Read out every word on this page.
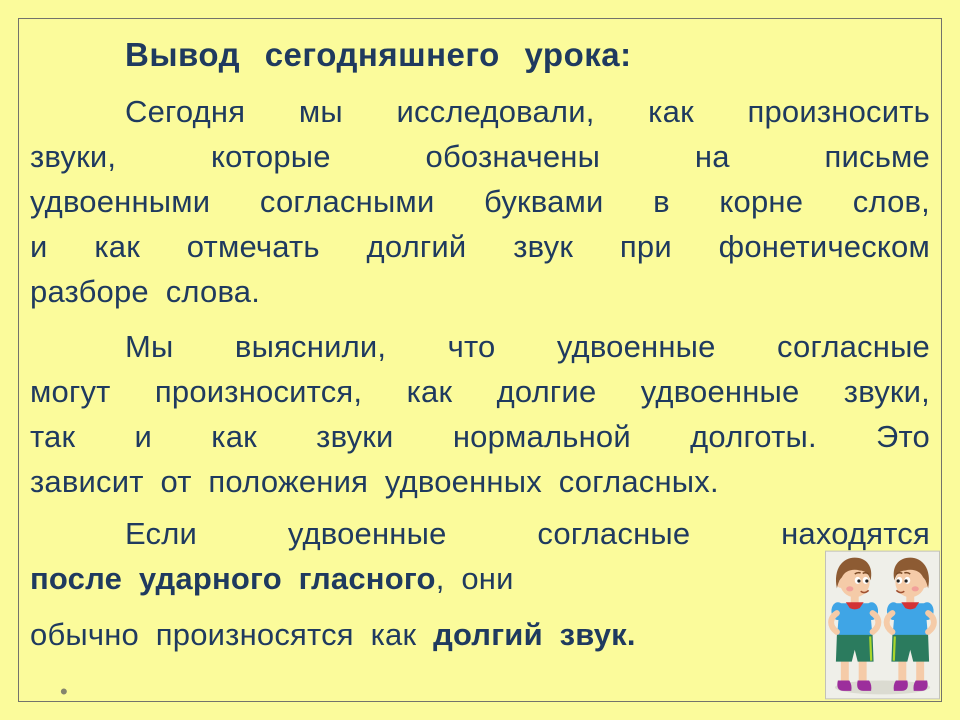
Вывод сегодняшнего урока:
Сегодня мы исследовали, как произносить
звуки, которые обозначены на письме
удвоенными согласными буквами в корне слов,
и как отмечать долгий звук при фонетическом
разборе слова.
Мы выяснили, что удвоенные согласные
могут произносится, как долгие удвоенные звуки,
так и как звуки нормальной долготы. Это
зависит от положения удвоенных согласных.
Если удвоенные согласные находятся
после ударного гласного, они
обычно произносятся как долгий звук.
•
